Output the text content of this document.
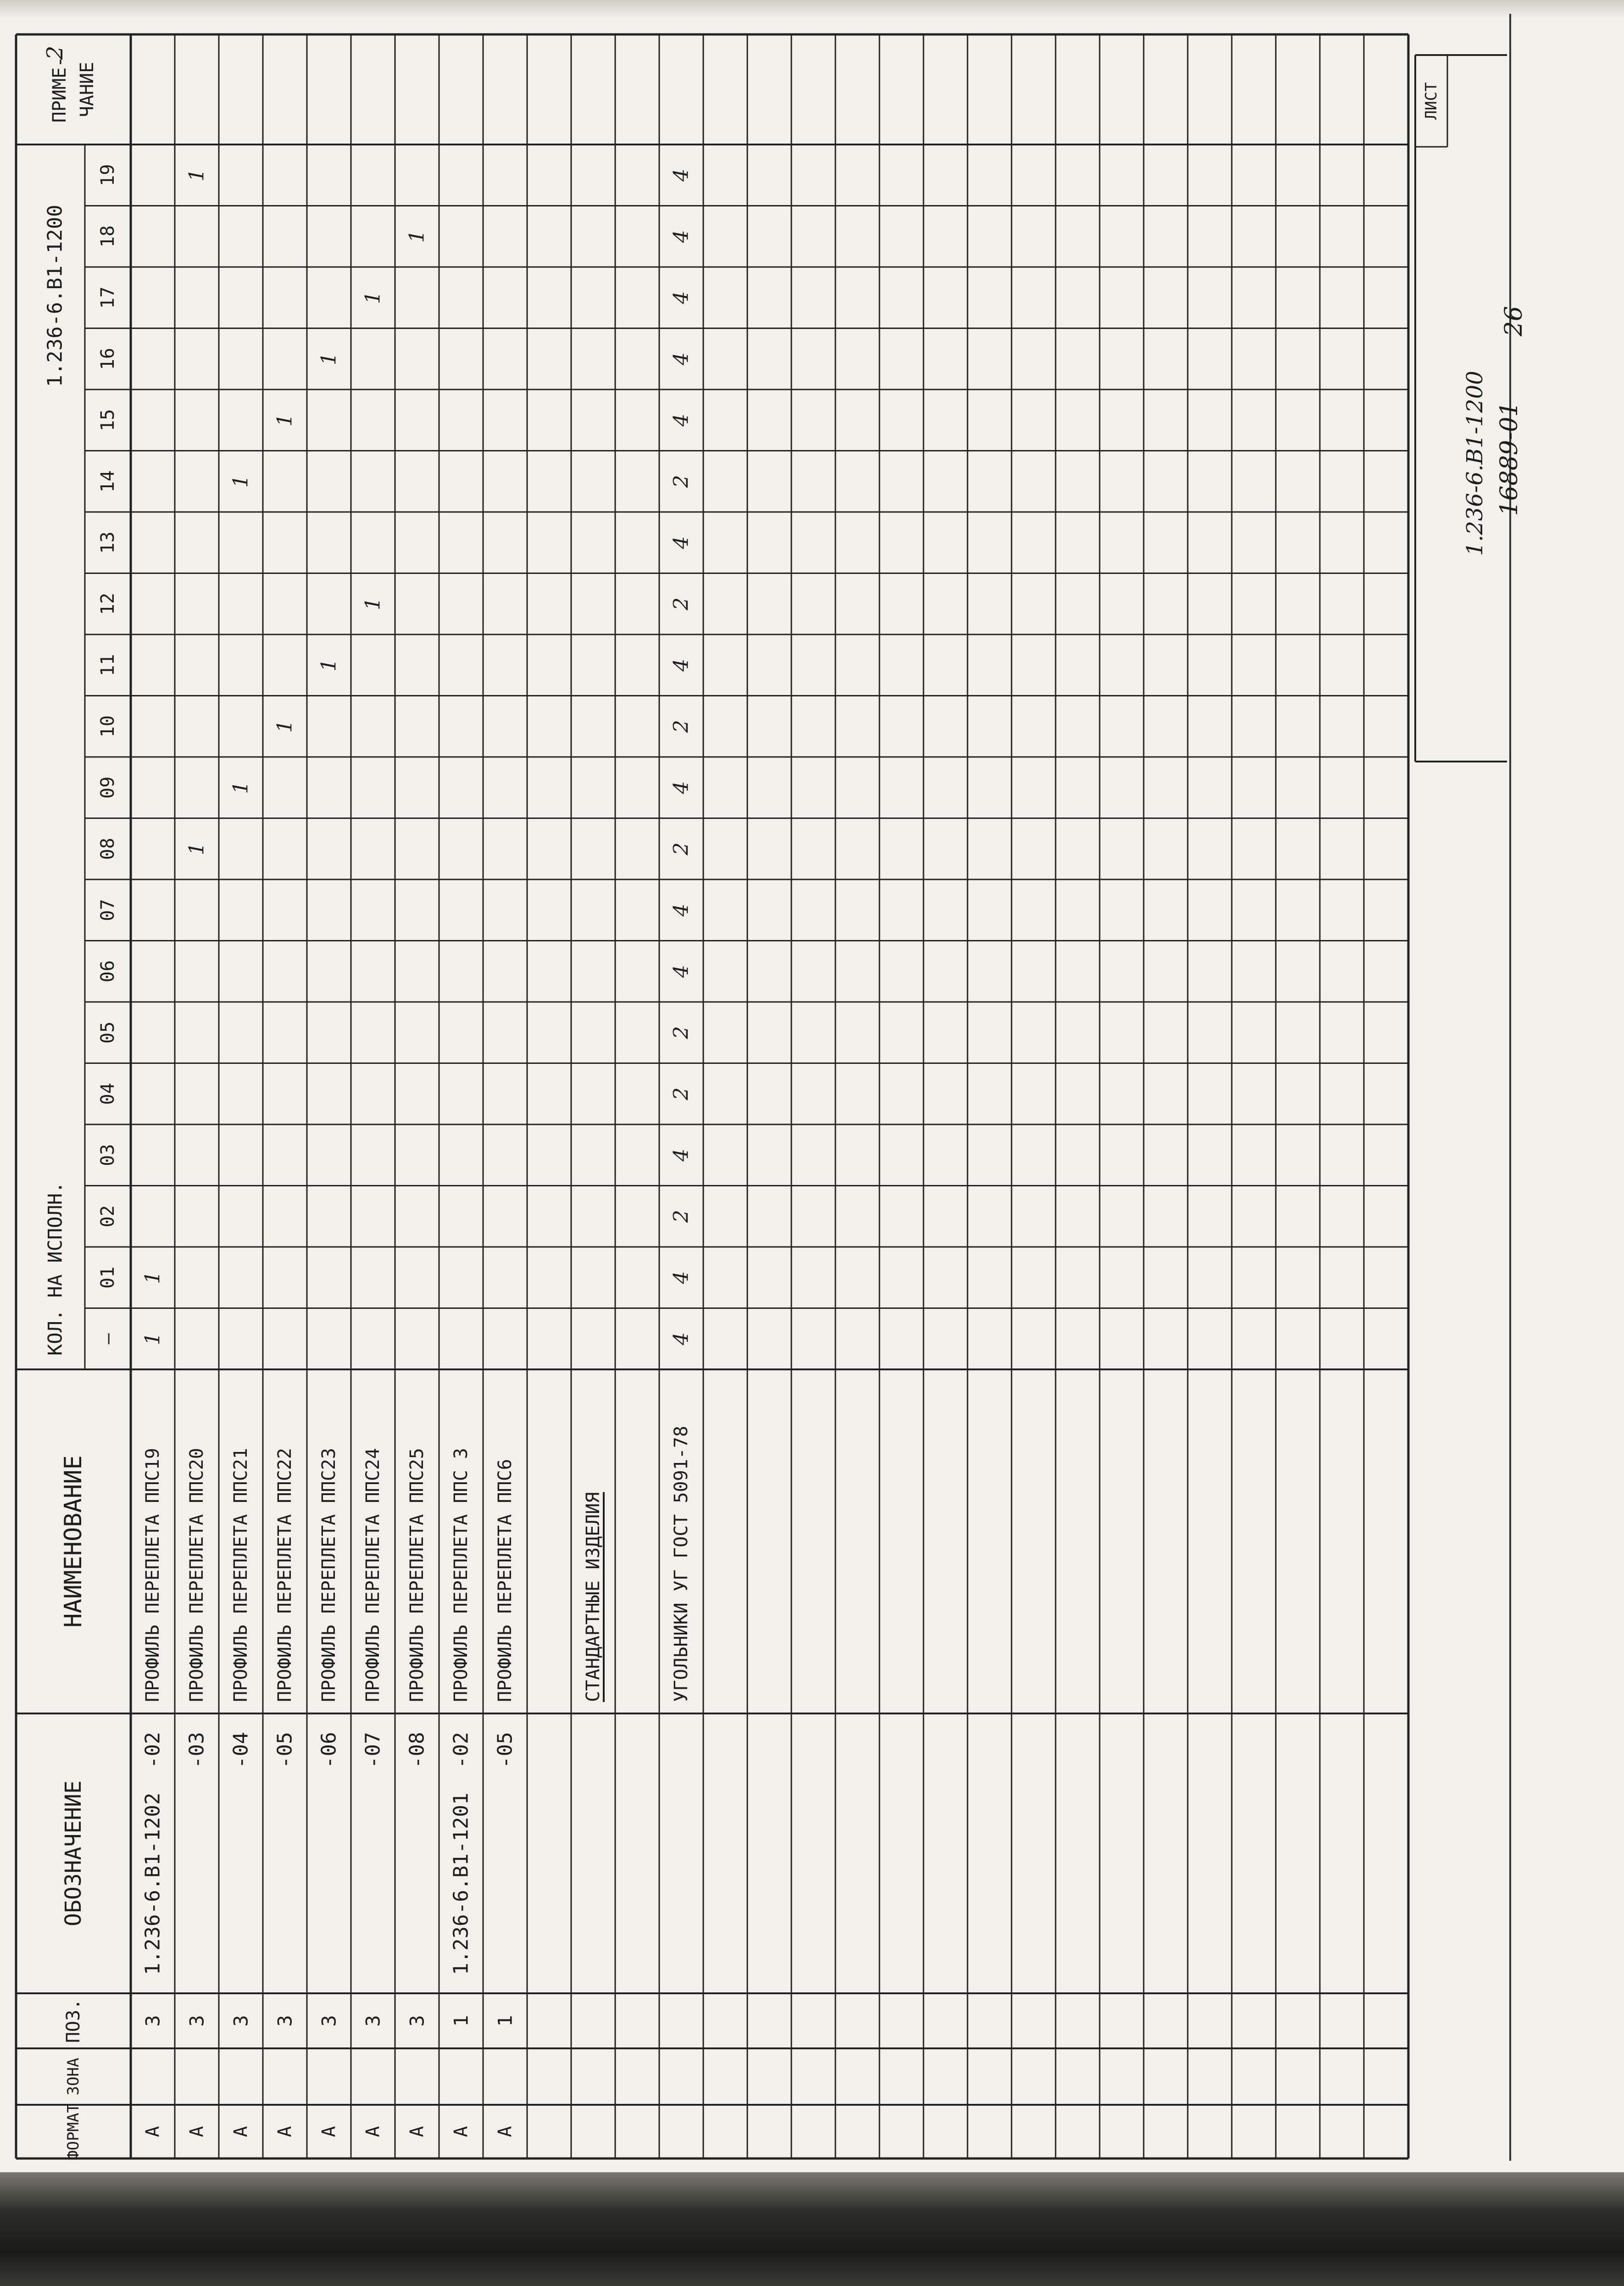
ФОРМАТ
ЗОНА
ПОЗ.
ОБОЗНАЧЕНИЕ
НАИМЕНОВАНИЕ
КОЛ. НА ИСПОЛН.
1.236-6.В1-1200
—
01
02
03
04
05
06
07
08
09
10
11
12
13
14
15
16
17
18
19
ПРИМЕ- ЧАНИЕ
2
А
3
1.236-6.В1-1202
-02
ПРОФИЛЬ ПЕРЕПЛЕТА ППС19
1
1
А
3
-03
ПРОФИЛЬ ПЕРЕПЛЕТА ППС20
1
1
А
3
-04
ПРОФИЛЬ ПЕРЕПЛЕТА ППС21
1
1
А
3
-05
ПРОФИЛЬ ПЕРЕПЛЕТА ППС22
1
1
А
3
-06
ПРОФИЛЬ ПЕРЕПЛЕТА ППС23
1
1
А
3
-07
ПРОФИЛЬ ПЕРЕПЛЕТА ППС24
1
1
А
3
-08
ПРОФИЛЬ ПЕРЕПЛЕТА ППС25
1
А
1
1.236-6.В1-1201
-02
ПРОФИЛЬ ПЕРЕПЛЕТА ППС 3
А
1
-05
ПРОФИЛЬ ПЕРЕПЛЕТА ППС6	СТАНДАРТНЫЕ ИЗДЕЛИЯ	УГОЛЬНИКИ УГ ГОСТ 5091-78
4
4
2
4
2
2
4
4
2
4
2
4
2
4
2
4
4
4
4
4
ЛИСТ
1.236-6.В1-1200 16889-01
26
